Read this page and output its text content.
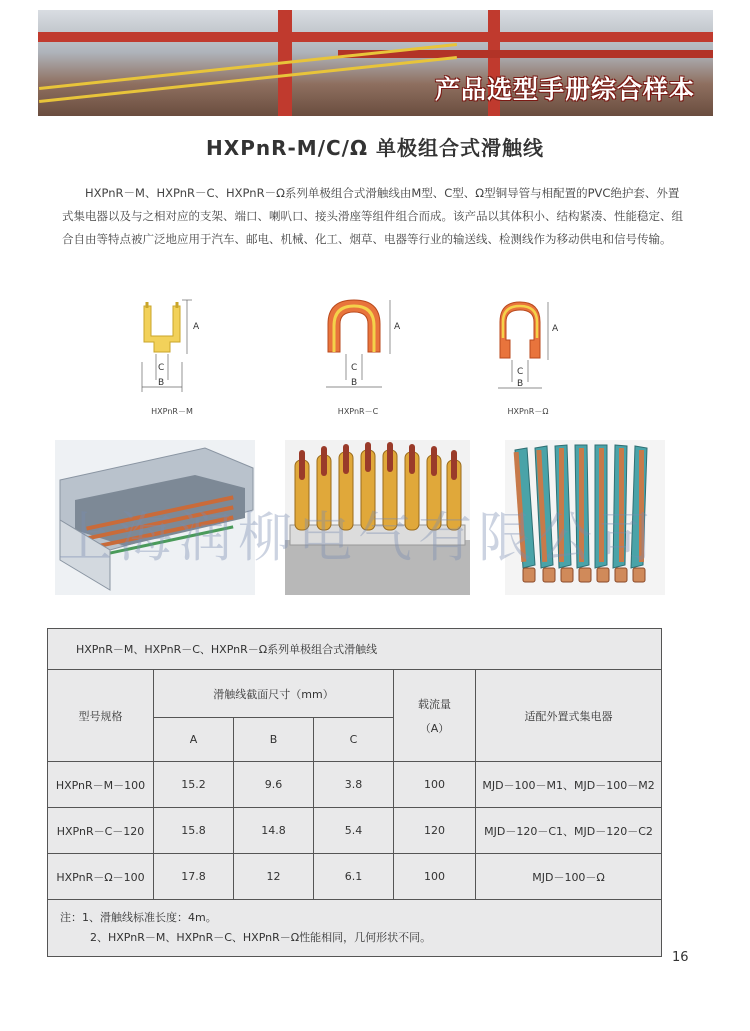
产品选型手册综合样本
HXPnR-M/C/Ω 单极组合式滑触线
HXPnR－M、HXPnR－C、HXPnR－Ω系列单极组合式滑触线由M型、C型、Ω型铜导管与相配置的PVC绝护套、外置式集电器以及与之相对应的支架、端口、喇叭口、接头滑座等组件组合而成。该产品以其体积小、结构紧凑、性能稳定、组合自由等特点被广泛地应用于汽车、邮电、机械、化工、烟草、电器等行业的输送线、检测线作为移动供电和信号传输。
A
C
B
HXPnR－M
A
C
B
HXPnR－C
A
C
B
HXPnR－Ω
上海润柳电气有限公司
HXPnR－M、HXPnR－C、HXPnR－Ω系列单极组合式滑触线					
型号规格	滑触线截面尺寸（mm）			载流量
（A）	适配外置式集电器
	A	B	C		
HXPnR－M－100	15.2	9.6	3.8	100	MJD－100－M1、MJD－100－M2
HXPnR－C－120	15.8	14.8	5.4	120	MJD－120－C1、MJD－120－C2
HXPnR－Ω－100	17.8	12	6.1	100	MJD－100－Ω

注：1、滑触线标准长度：4m。
2、HXPnR－M、HXPnR－C、HXPnR－Ω性能相同，几何形状不同。					
16
